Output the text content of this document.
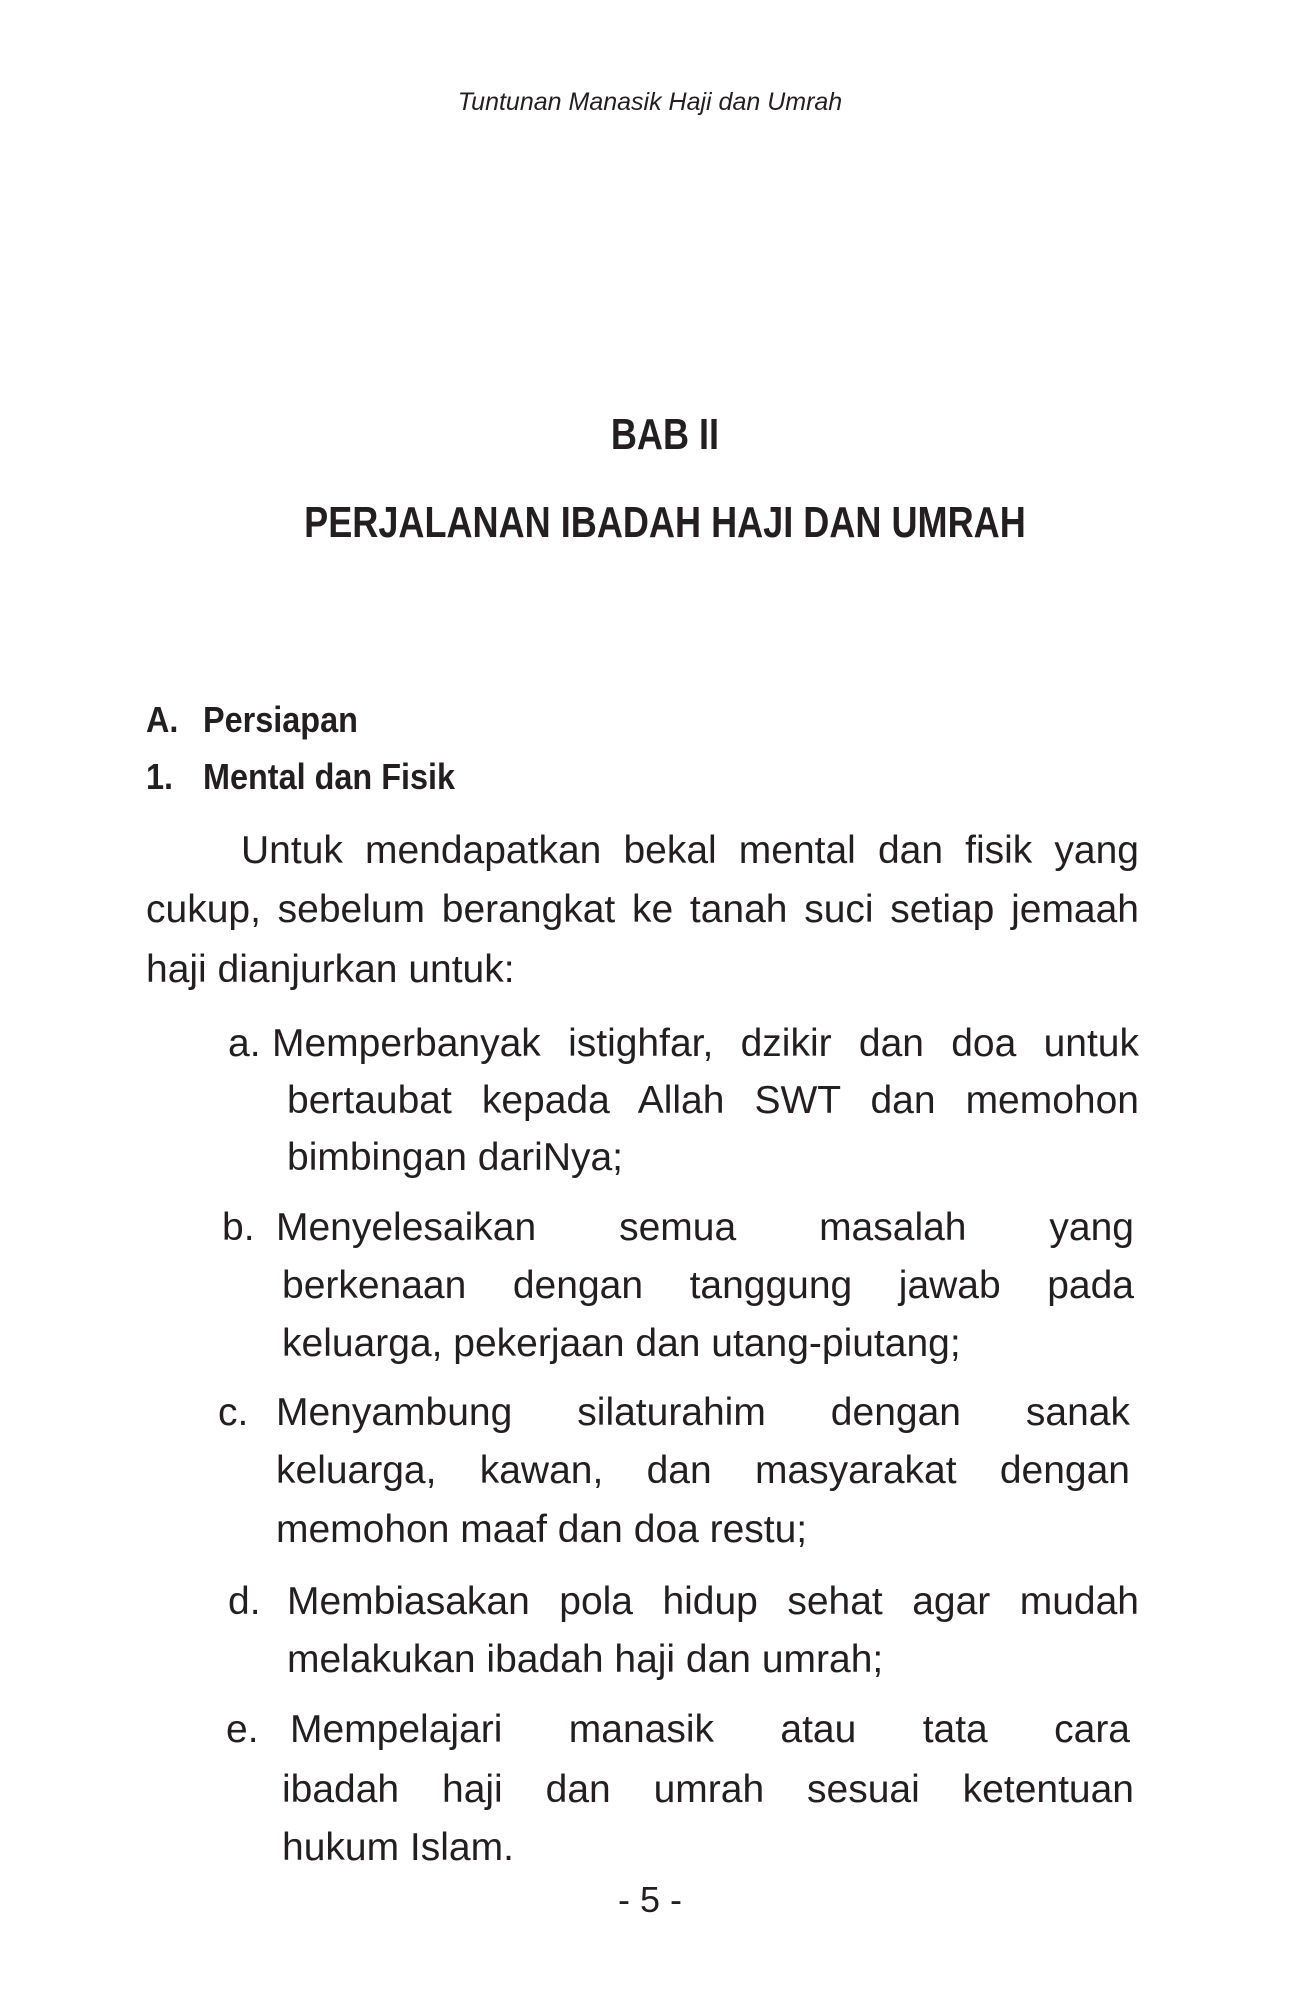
Tuntunan Manasik Haji dan Umrah
BAB II
PERJALANAN IBADAH HAJI DAN UMRAH
A. Persiapan
1. Mental dan Fisik
Untuk mendapatkan bekal mental dan fisik yang
cukup, sebelum berangkat ke tanah suci setiap jemaah
haji dianjurkan untuk:
a. Memperbanyak istighfar, dzikir dan doa untuk
bertaubat kepada Allah SWT dan memohon
bimbingan dariNya;
b. Menyelesaikan semua masalah yang
berkenaan dengan tanggung jawab pada
keluarga, pekerjaan dan utang-piutang;
c. Menyambung silaturahim dengan sanak
keluarga, kawan, dan masyarakat dengan
memohon maaf dan doa restu;
d. Membiasakan pola hidup sehat agar mudah
melakukan ibadah haji dan umrah;
e. Mempelajari manasik atau tata cara
ibadah haji dan umrah sesuai ketentuan
hukum Islam.
- 5 -
